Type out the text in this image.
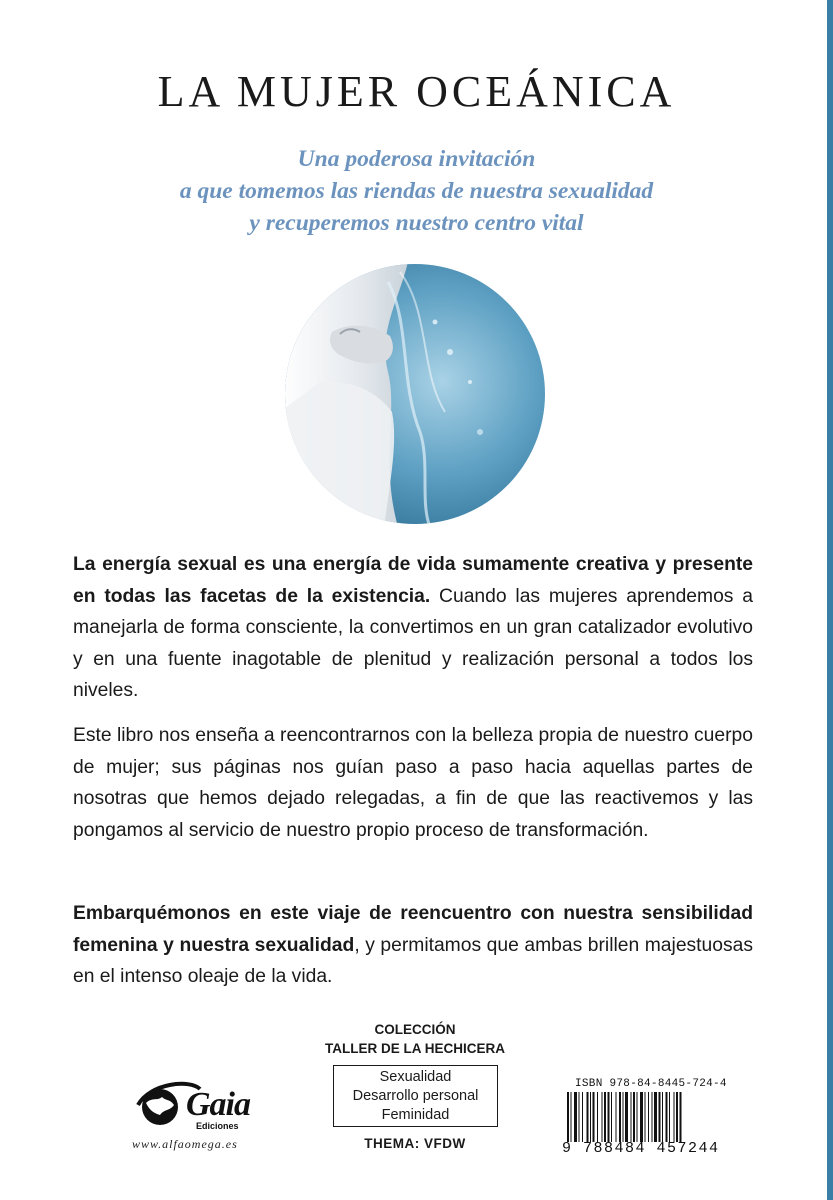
LA MUJER OCEÁNICA
Una poderosa invitación
a que tomemos las riendas de nuestra sexualidad
y recuperemos nuestro centro vital

La energía sexual es una energía de vida sumamente creativa y presente en todas las facetas de la existencia. Cuando las mujeres aprendemos a manejarla de forma consciente, la convertimos en un gran catalizador evolutivo y en una fuente inagotable de plenitud y realización personal a todos los niveles.

Este libro nos enseña a reencontrarnos con la belleza propia de nuestro cuerpo de mujer; sus páginas nos guían paso a paso hacia aquellas partes de nosotras que hemos dejado relegadas, a fin de que las reactivemos y las pongamos al servicio de nuestro propio proceso de transformación.

Embarquémonos en este viaje de reencuentro con nuestra sensibilidad femenina y nuestra sexualidad, y permitamos que ambas brillen majestuosas en el intenso oleaje de la vida.

COLECCIÓN
TALLER DE LA HECHICERA
Sexualidad
Desarrollo personal
Feminidad
THEMA: VFDW
Gaia
Ediciones
www.alfaomega.es
ISBN 978-84-8445-724-4
9 788484 457244
